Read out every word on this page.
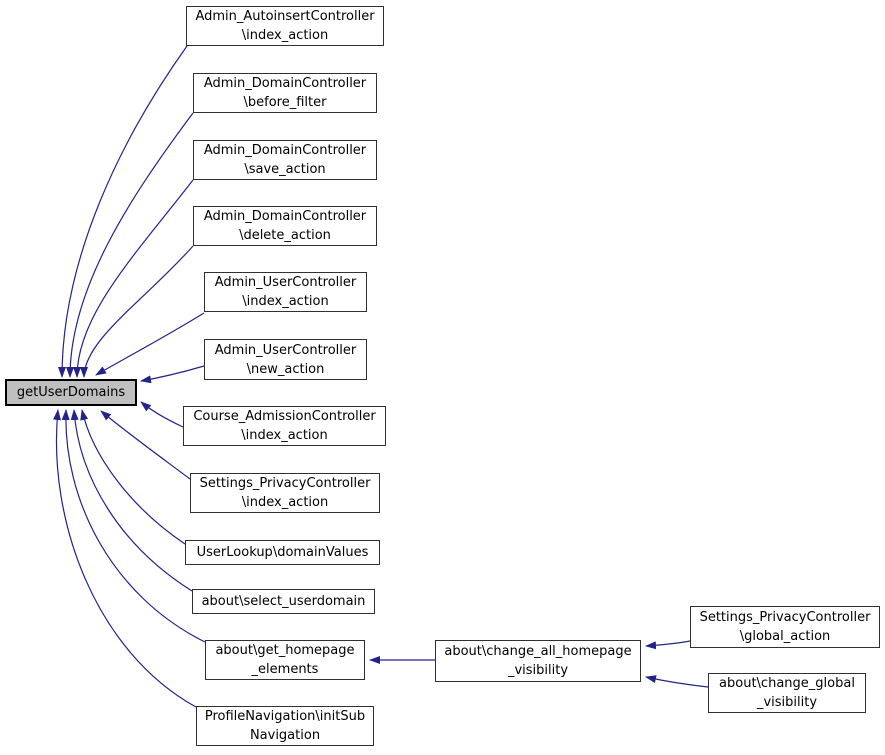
getUserDomains
Admin_AutoinsertController
\index_action
Admin_DomainController
\before_filter
Admin_DomainController
\save_action
Admin_DomainController
\delete_action
Admin_UserController
\index_action
Admin_UserController
\new_action
Course_AdmissionController
\index_action
Settings_PrivacyController
\index_action
UserLookup\domainValues
about\select_userdomain
about\get_homepage
_elements
ProfileNavigation\initSub
Navigation
about\change_all_homepage
_visibility
Settings_PrivacyController
\global_action
about\change_global
_visibility
